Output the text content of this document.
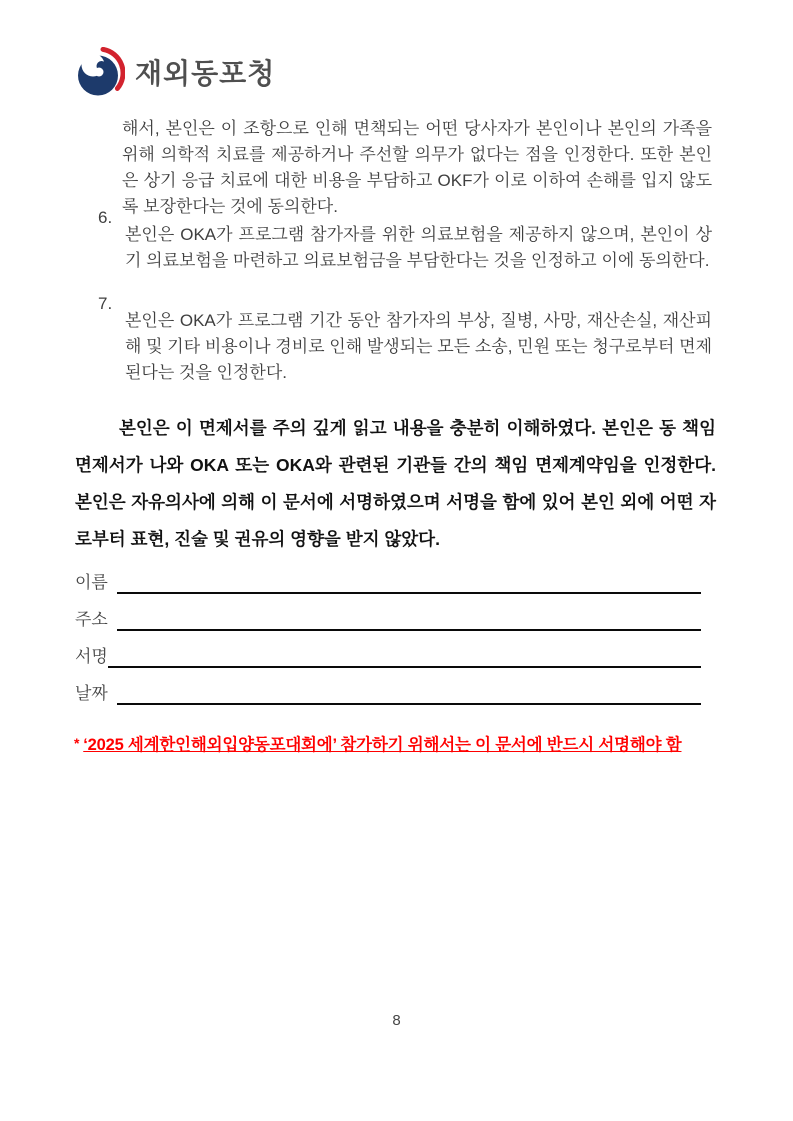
재외동포청

해서, 본인은 이 조항으로 인해 면책되는 어떤 당사자가 본인이나 본인의 가족을 위해 의학적 치료를 제공하거나 주선할 의무가 없다는 점을 인정한다. 또한 본인은 상기 응급 치료에 대한 비용을 부담하고 OKF가 이로 이하여 손해를 입지 않도록 보장한다는 것에 동의한다.

6.

본인은 OKA가 프로그램 참가자를 위한 의료보험을 제공하지 않으며, 본인이 상기 의료보험을 마련하고 의료보험금을 부담한다는 것을 인정하고 이에 동의한다.

7.

본인은 OKA가 프로그램 기간 동안 참가자의 부상, 질병, 사망, 재산손실, 재산피해 및 기타 비용이나 경비로 인해 발생되는 모든 소송, 민원 또는 청구로부터 면제된다는 것을 인정한다.

본인은 이 면제서를 주의 깊게 읽고 내용을 충분히 이해하였다. 본인은 동 책임면제서가 나와 OKA 또는 OKA와 관련된 기관들 간의 책임 면제계약임을 인정한다. 본인은 자유의사에 의해 이 문서에 서명하였으며 서명을 함에 있어 본인 외에 어떤 자로부터 표현, 진술 및 권유의 영향을 받지 않았다.

이름
주소
서명
날짜
* ‘2025 세계한인해외입양동포대회에’ 참가하기 위해서는 이 문서에 반드시 서명해야 함
8
